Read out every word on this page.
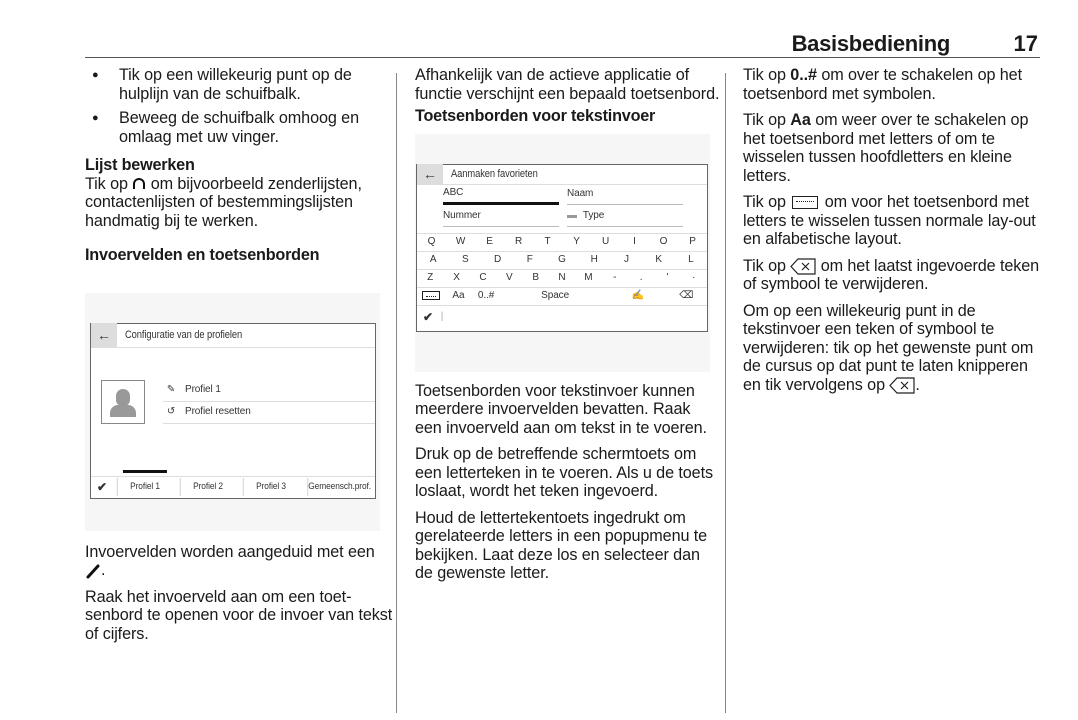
Basisbediening	17
● Tik op een willekeurig punt op de hulplijn van de schuifbalk.
● Beweeg de schuifbalk omhoog en omlaag met uw vinger.
Lijst bewerken

Tik op om bijvoorbeeld zenderlijsten, contactenlijsten of bestemmingslijsten handmatig bij te werken.

Invoervelden en toetsenborden
←	Configuratie van de profielen
✎ Profiel 1
↺ Profiel resetten
✔	Profiel 1	Profiel 2	Profiel 3	Gemeensch.prof.

Invoervelden worden aangeduid met een .

Raak het invoerveld aan om een toetsenbord te openen voor de invoer van tekst of cijfers.

Afhankelijk van de actieve applicatie of functie verschijnt een bepaald toetsenbord.

Toetsenborden voor tekstinvoer
←	Aanmaken favorieten
ABC	Naam
Nummer	▬ Type
Q	W	E	R	T	Y	U	I	O	P
A	S	D	F	G	H	J	K	L
Z	X	C	V	B	N	M	-	.	'	·
Aa	0..#	Space	✍	⌫
✔ |

Toetsenborden voor tekstinvoer kunnen meerdere invoervelden bevatten. Raak een invoerveld aan om tekst in te voeren.

Druk op de betreffende schermtoets om een letterteken in te voeren. Als u de toets loslaat, wordt het teken ingevoerd.

Houd de lettertekentoets ingedrukt om gerelateerde letters in een popupmenu te bekijken. Laat deze los en selecteer dan de gewenste letter.

Tik op 0..# om over te schakelen op het toetsenbord met symbolen.

Tik op Aa om weer over te schakelen op het toetsenbord met letters of om te wisselen tussen hoofdletters en kleine letters.

Tik op om voor het toetsenbord met letters te wisselen tussen normale lay-out en alfabetische layout.

Tik op om het laatst ingevoerde teken of symbool te verwijderen.

Om op een willekeurig punt in de tekstinvoer een teken of symbool te verwijderen: tik op het gewenste punt om de cursus op dat punt te laten knipperen en tik vervolgens op .
